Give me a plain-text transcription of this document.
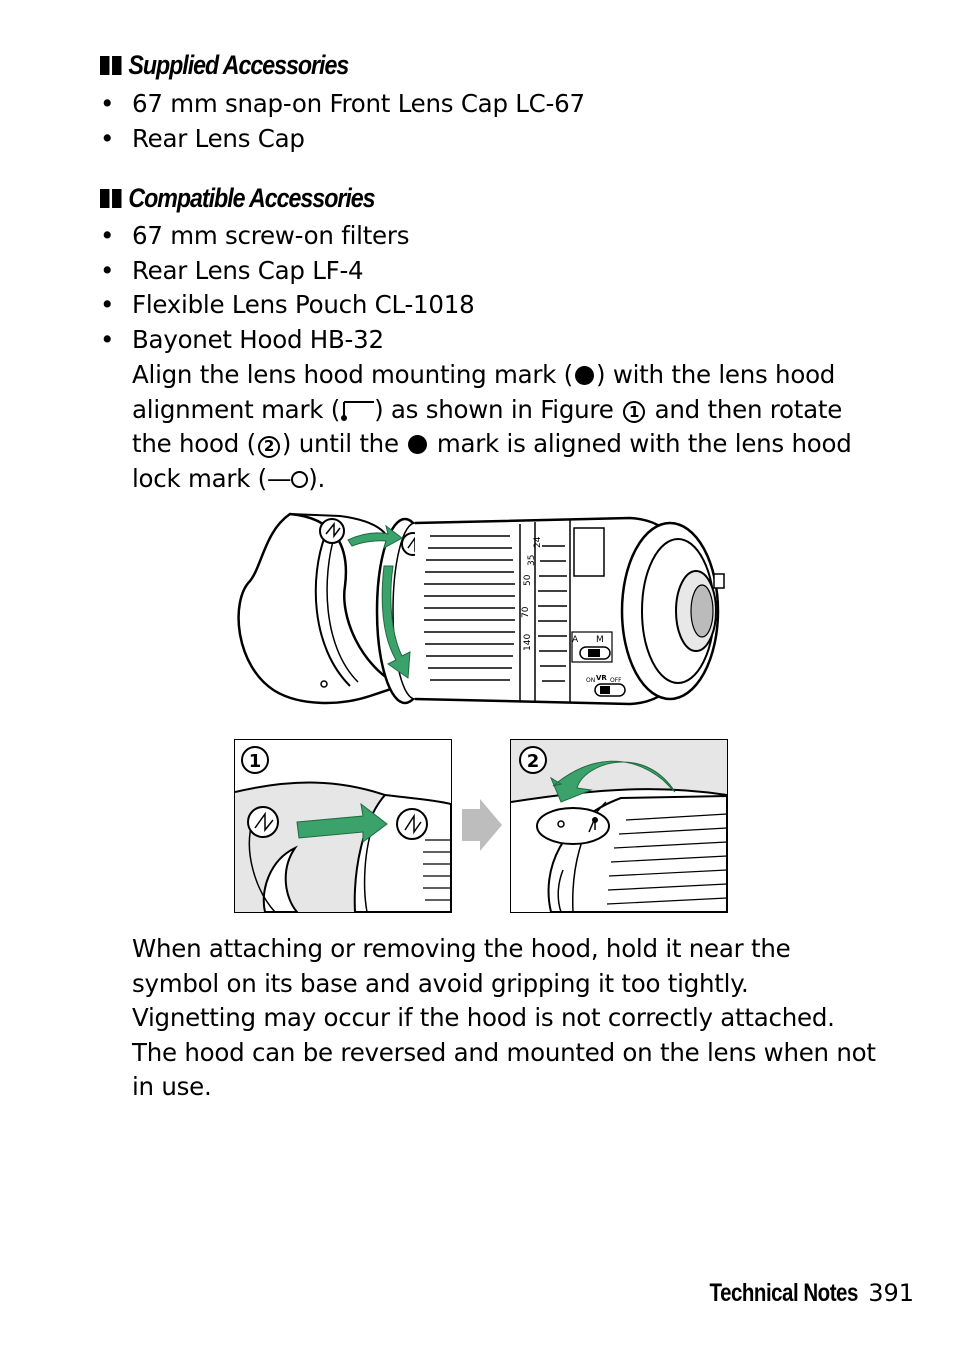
Supplied Accessories
• 67 mm snap-on Front Lens Cap LC-67
• Rear Lens Cap
Compatible Accessories
• 67 mm screw-on filters
• Rear Lens Cap LF-4
• Flexible Lens Pouch CL-1018
• Bayonet Hood HB-32
Align the lens hood mounting mark ( ) with the lens hood
alignment mark ( ) as shown in Figure 1 and then rotate
the hood ( 2 ) until the  mark is aligned with the lens hood
lock mark (— ).
24
35
50
70
140	A M
ON VR OFF
1	2
When attaching or removing the hood, hold it near the
symbol on its base and avoid gripping it too tightly.
Vignetting may occur if the hood is not correctly attached.
The hood can be reversed and mounted on the lens when not
in use.
Technical Notes 391
